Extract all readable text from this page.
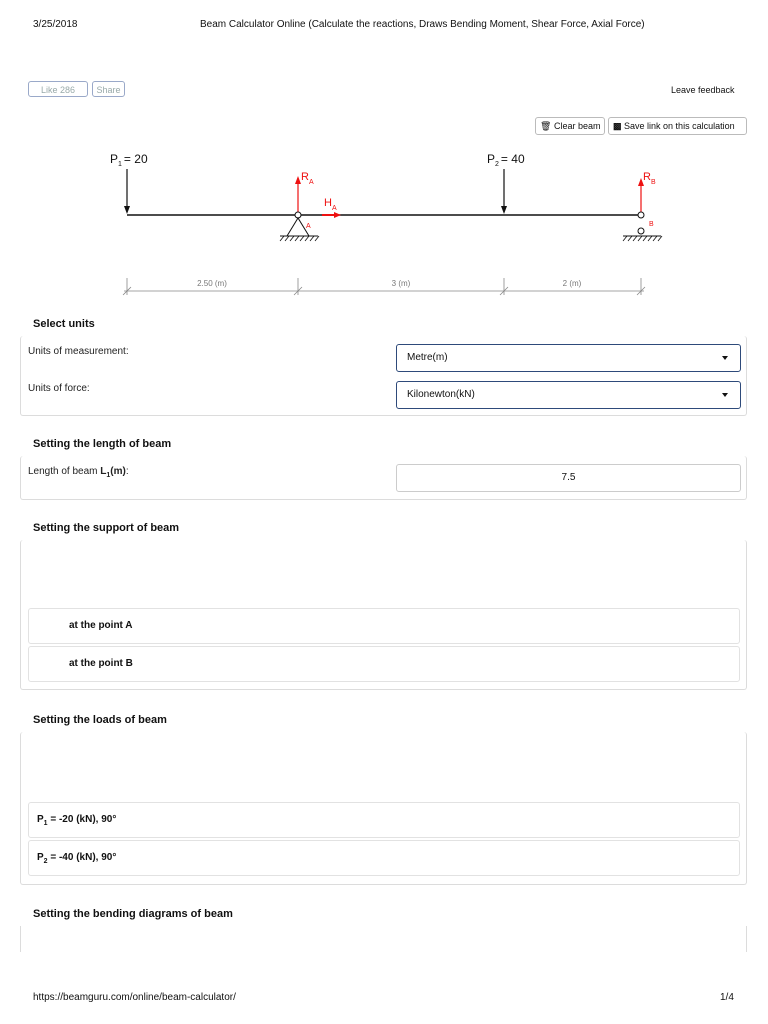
3/25/2018	Beam Calculator Online (Calculate the reactions, Draws Bending Moment, Shear Force, Axial Force)
Like 286	Share	Leave feedback
🗑 Clear beam	▩ Save link on this calculation
$P_1 = 20$	$P_2 = 40$
$R_A$
$H_A$
A
$R_B$
B
2.50 (m)	3 (m)	2 (m)
Select units
Units of measurement:
Metre(m)
Units of force:
Kilonewton(kN)
Setting the length of beam
Length of beam $L_1(m)$:
7.5
Setting the support of beam
at the point A
at the point B
Setting the loads of beam
$P_1 = -20$ (kN), 90°
$P_2 = -40$ (kN), 90°
Setting the bending diagrams of beam
https://beamguru.com/online/beam-calculator/	1/4
